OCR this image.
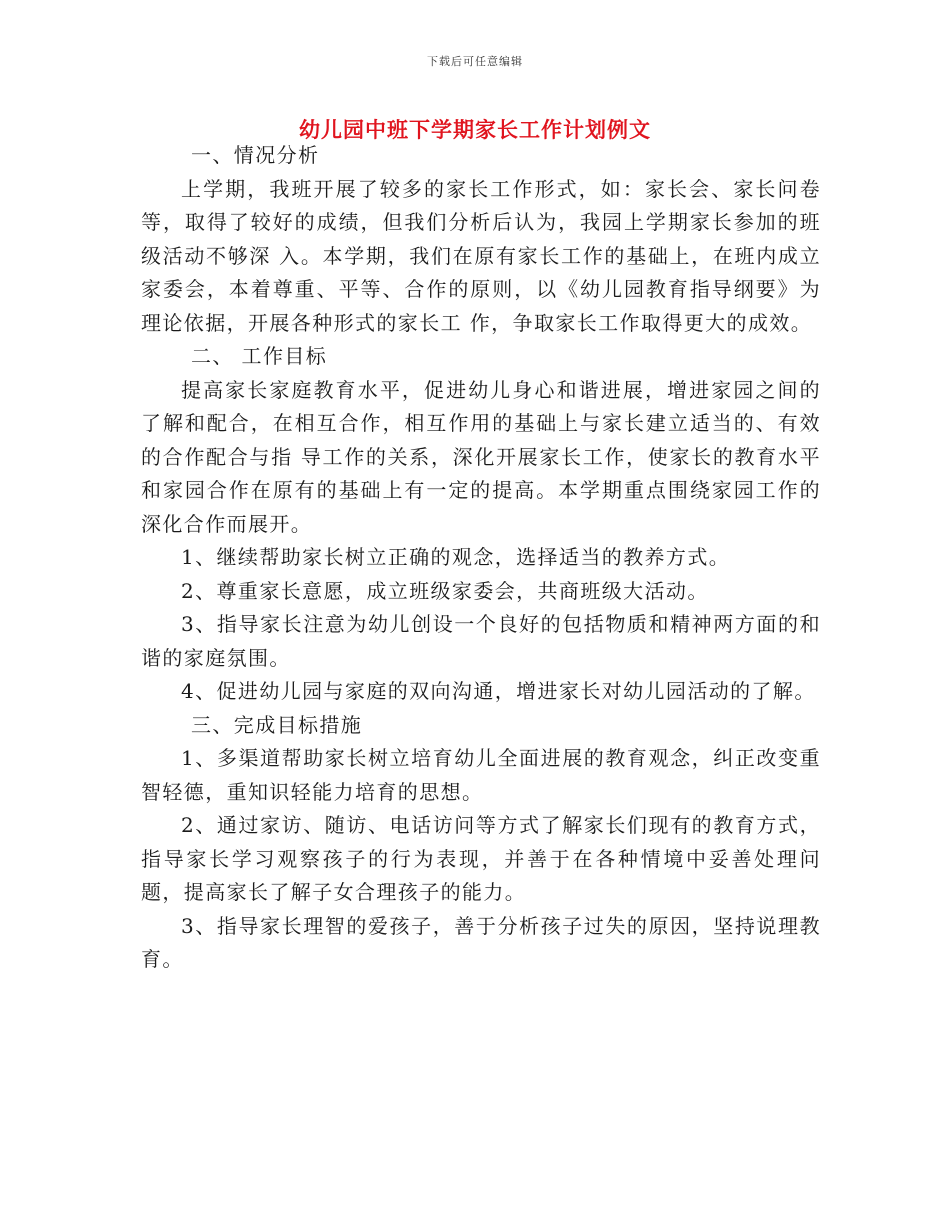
下载后可任意编辑
幼儿园中班下学期家长工作计划例文

一、情况分析

上学期，我班开展了较多的家长工作形式，如：家长会、家长问卷等，取得了较好的成绩，但我们分析后认为，我园上学期家长参加的班级活动不够深 入。本学期，我们在原有家长工作的基础上，在班内成立家委会，本着尊重、平等、合作的原则，以《幼儿园教育指导纲要》为理论依据，开展各种形式的家长工 作，争取家长工作取得更大的成效。

二、 工作目标

提高家长家庭教育水平，促进幼儿身心和谐进展，增进家园之间的了解和配合，在相互合作，相互作用的基础上与家长建立适当的、有效的合作配合与指 导工作的关系，深化开展家长工作，使家长的教育水平和家园合作在原有的基础上有一定的提高。本学期重点围绕家园工作的深化合作而展开。

1、继续帮助家长树立正确的观念，选择适当的教养方式。

2、尊重家长意愿，成立班级家委会，共商班级大活动。

3、指导家长注意为幼儿创设一个良好的包括物质和精神两方面的和谐的家庭氛围。

4、促进幼儿园与家庭的双向沟通，增进家长对幼儿园活动的了解。

三、完成目标措施

1、多渠道帮助家长树立培育幼儿全面进展的教育观念，纠正改变重智轻德，重知识轻能力培育的思想。

2、通过家访、随访、电话访问等方式了解家长们现有的教育方式，指导家长学习观察孩子的行为表现，并善于在各种情境中妥善处理问题，提高家长了解子女合理孩子的能力。

3、指导家长理智的爱孩子，善于分析孩子过失的原因，坚持说理教育。
